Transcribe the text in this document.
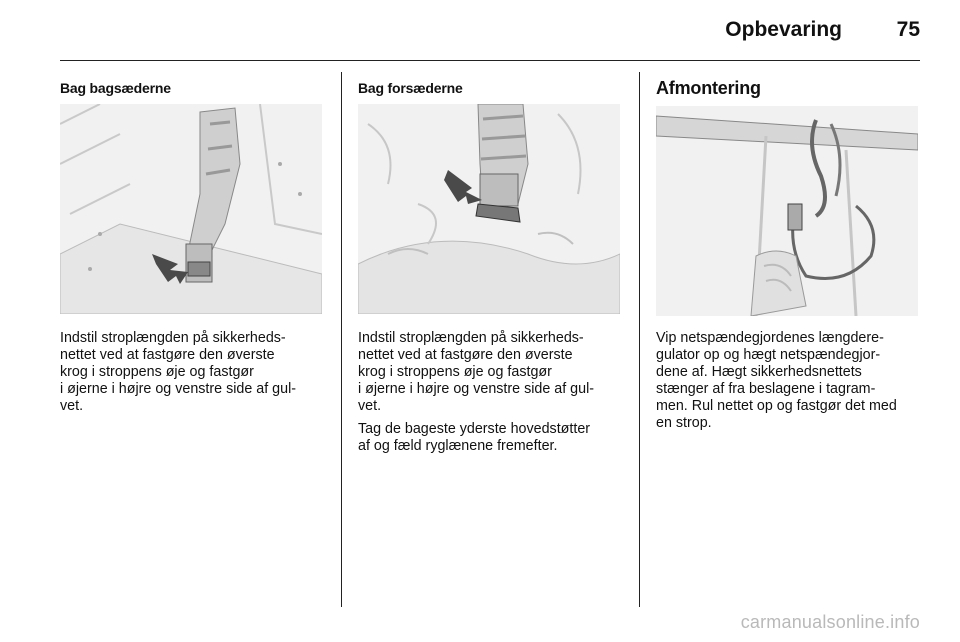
Opbevaring	75
Bag bagsæderne

Indstil stroplængden på sikkerheds-
nettet ved at fastgøre den øverste
krog i stroppens øje og fastgør
i øjerne i højre og venstre side af gul-
vet.

Bag forsæderne

Indstil stroplængden på sikkerheds-
nettet ved at fastgøre den øverste
krog i stroppens øje og fastgør
i øjerne i højre og venstre side af gul-
vet.

Tag de bageste yderste hovedstøtter
af og fæld ryglænene fremefter.

Afmontering

Vip netspændegjordenes længdere-
gulator op og hægt netspændegjor-
dene af. Hægt sikkerhedsnettets
stænger af fra beslagene i tagram-
men. Rul nettet op og fastgør det med
en strop.

carmanualsonline.info
